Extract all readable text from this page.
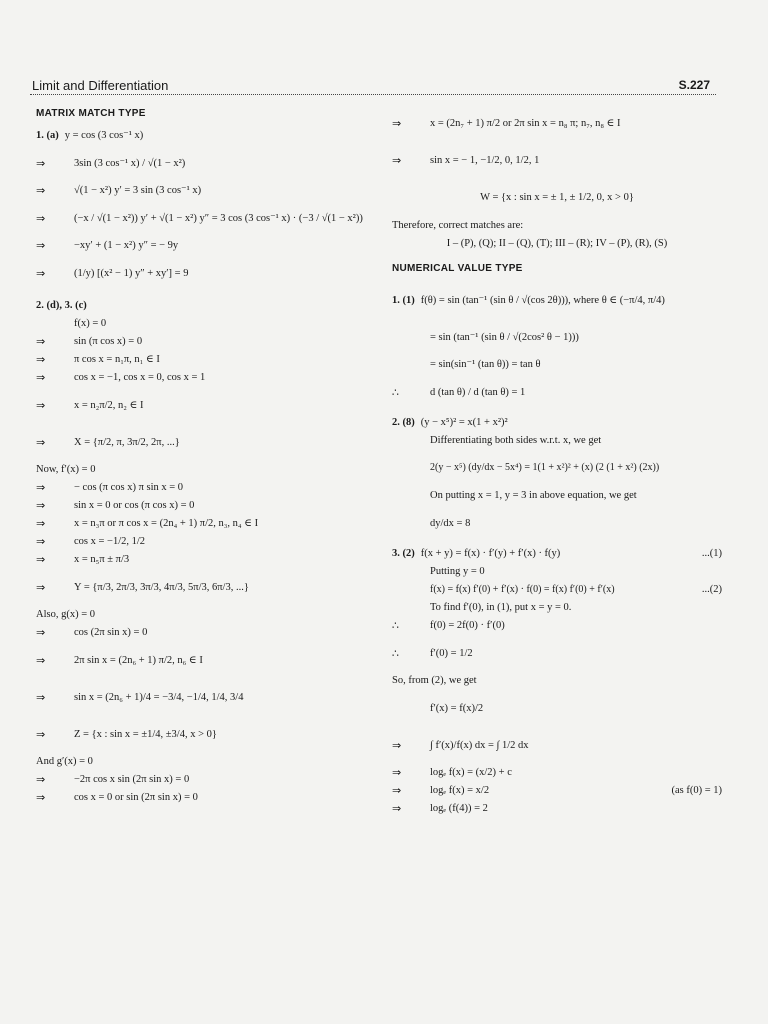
Limit and Differentiation	S.227
MATRIX MATCH TYPE
1. (a) y = cos (3 cos⁻¹ x)
⇒	3sin (3 cos⁻¹ x) / √(1 − x²)
⇒	√(1 − x²) y′ = 3 sin (3 cos⁻¹ x)
⇒	(−x / √(1 − x²)) y′ + √(1 − x²) y″ = 3 cos (3 cos⁻¹ x) · (−3 / √(1 − x²))
⇒	−xy′ + (1 − x²) y″ = − 9y
⇒	(1/y) [(x² − 1) y″ + xy′] = 9
2. (d), 3. (c)
f(x) = 0
⇒	sin (π cos x) = 0
⇒	π cos x = n₁π, n₁ ∈ I
⇒	cos x = −1, cos x = 0, cos x = 1
⇒	x = n₂π/2, n₂ ∈ I
⇒	X = {π/2, π, 3π/2, 2π, ...}
Now, f′(x) = 0
⇒	− cos (π cos x) π sin x = 0
⇒	sin x = 0 or cos (π cos x) = 0
⇒	x = n₃π or π cos x = (2n₄ + 1) π/2, n₃, n₄ ∈ I
⇒	cos x = −1/2, 1/2
⇒	x = n₅π ± π/3
⇒	Y = {π/3, 2π/3, 3π/3, 4π/3, 5π/3, 6π/3, ...}
Also, g(x) = 0
⇒	cos (2π sin x) = 0
⇒	2π sin x = (2n₆ + 1) π/2, n₆ ∈ I
⇒	sin x = (2n₆ + 1)/4 = −3/4, −1/4, 1/4, 3/4
⇒	Z = {x : sin x = ±1/4, ±3/4, x > 0}
And g′(x) = 0
⇒	−2π cos x sin (2π sin x) = 0
⇒	cos x = 0 or sin (2π sin x) = 0
⇒	x = (2n₇ + 1) π/2 or 2π sin x = n₈ π; n₇, n₈ ∈ I
⇒	sin x = − 1, −1/2, 0, 1/2, 1
W = {x : sin x = ± 1, ± 1/2, 0, x > 0}
Therefore, correct matches are:
I – (P), (Q); II – (Q), (T); III – (R); IV – (P), (R), (S)
NUMERICAL VALUE TYPE
1. (1) f(θ) = sin (tan⁻¹ (sin θ / √(cos 2θ))), where θ ∈ (−π/4, π/4)
= sin (tan⁻¹ (sin θ / √(2cos² θ − 1)))
= sin(sin⁻¹ (tan θ)) = tan θ
∴	d (tan θ) / d (tan θ) = 1
2. (8) (y − x⁵)² = x(1 + x²)²
Differentiating both sides w.r.t. x, we get
2(y − x⁵) (dy/dx − 5x⁴) = 1(1 + x²)² + (x) (2 (1 + x²) (2x))
On putting x = 1, y = 3 in above equation, we get
dy/dx = 8
3. (2) f(x + y) = f(x) · f′(y) + f′(x) · f(y)	...(1)
Putting y = 0
f(x) = f(x) f′(0) + f′(x) · f(0) = f(x) f′(0) + f′(x)	...(2)
To find f′(0), in (1), put x = y = 0.
∴	f(0) = 2f(0) · f′(0)
∴	f′(0) = 1/2
So, from (2), we get
f′(x) = f(x)/2
⇒	∫ f′(x)/f(x) dx = ∫ 1/2 dx
⇒	logₑ f(x) = (x/2) + c
⇒	logₑ f(x) = x/2	(as f(0) = 1)
⇒	logₑ (f(4)) = 2
